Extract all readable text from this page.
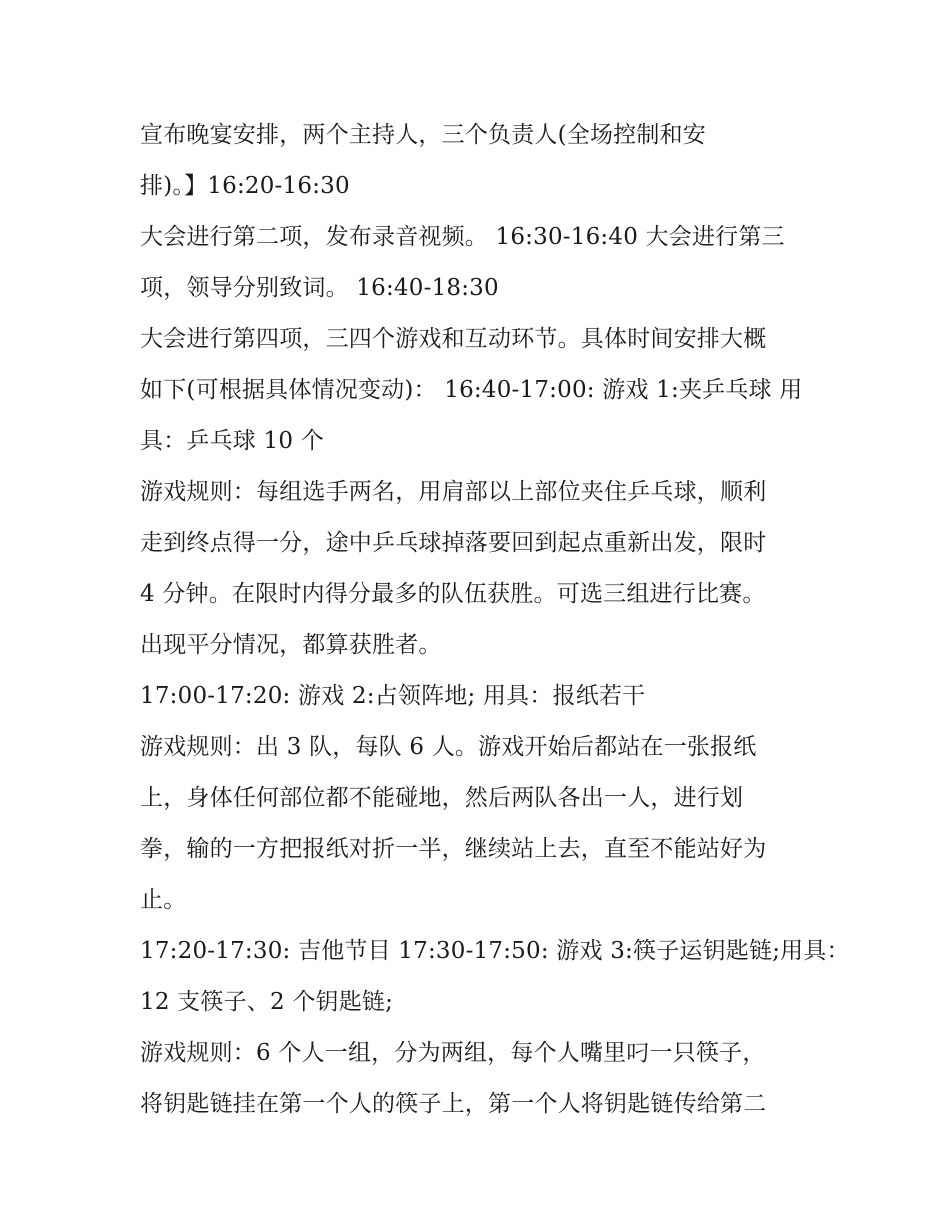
宣布晚宴安排，两个主持人，三个负责人(全场控制和安
排)。】16:20-16:30
大会进行第二项，发布录音视频。 16:30-16:40 大会进行第三
项，领导分别致词。 16:40-18:30
大会进行第四项，三四个游戏和互动环节。具体时间安排大概
如下(可根据具体情况变动)： 16:40-17:00: 游戏 1:夹乒乓球 用
具：乒乓球 10 个
游戏规则：每组选手两名，用肩部以上部位夹住乒乓球，顺利
走到终点得一分，途中乒乓球掉落要回到起点重新出发，限时
4 分钟。在限时内得分最多的队伍获胜。可选三组进行比赛。
出现平分情况，都算获胜者。
17:00-17:20: 游戏 2:占领阵地; 用具：报纸若干
游戏规则：出 3 队，每队 6 人。游戏开始后都站在一张报纸
上，身体任何部位都不能碰地，然后两队各出一人，进行划
拳，输的一方把报纸对折一半，继续站上去，直至不能站好为
止。
17:20-17:30: 吉他节目 17:30-17:50: 游戏 3:筷子运钥匙链;用具：
12 支筷子、2 个钥匙链;
游戏规则：6 个人一组，分为两组，每个人嘴里叼一只筷子，
将钥匙链挂在第一个人的筷子上，第一个人将钥匙链传给第二
